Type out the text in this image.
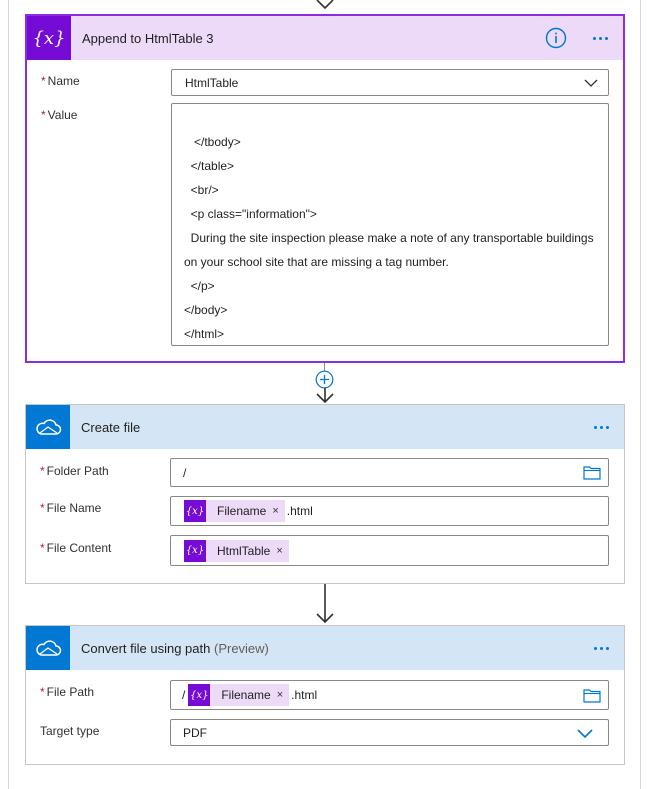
{x} Append to HtmlTable 3
* Name	HtmlTable
* Value
</tbody>
</table>
<br/>
<p class="information">
During the site inspection please make a note of any transportable buildings
on your school site that are missing a tag number.
</p>
</body>
</html>
Create file
* Folder Path	/
* File Name	{x}	Filename × .html
* File Content	{x}	HtmlTable ×
Convert file using path (Preview)
* File Path	/ {x}	Filename × .html
Target type	PDF
